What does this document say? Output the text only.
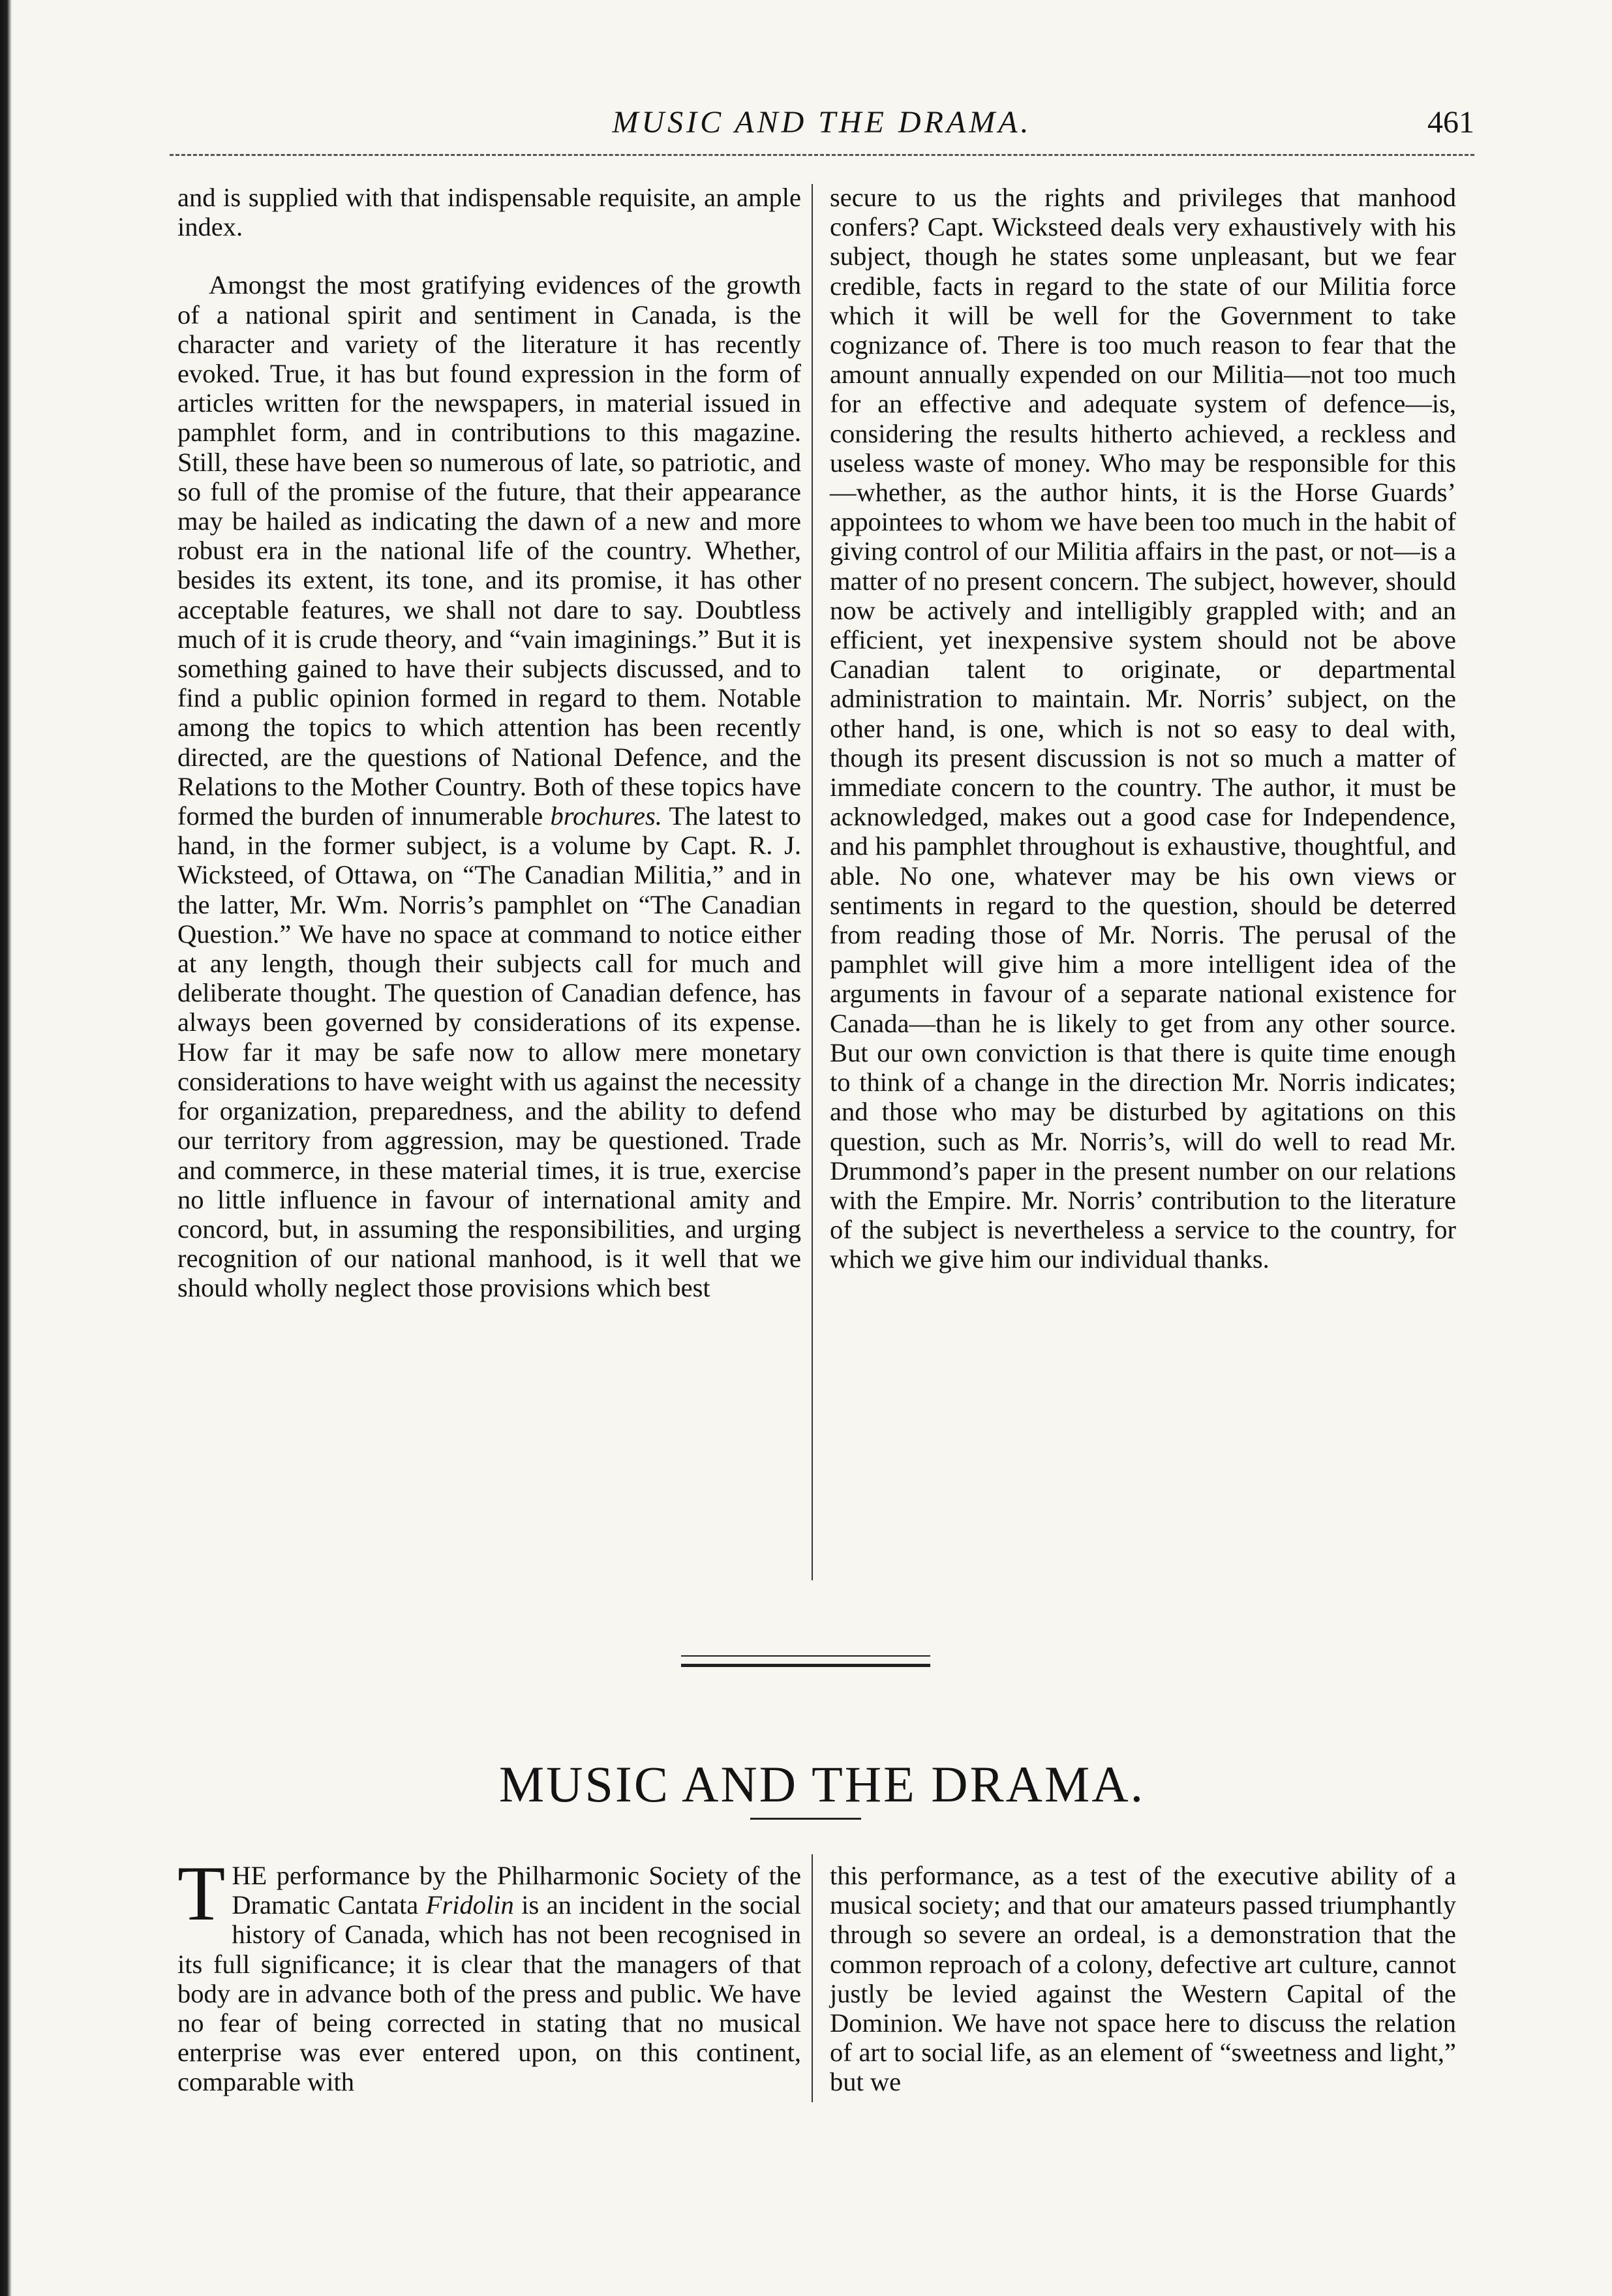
MUSIC AND THE DRAMA.	461

and is supplied with that indispensable requisite, an ample index.

Amongst the most gratifying evidences of the growth of a national spirit and sentiment in Canada, is the character and variety of the literature it has recently evoked. True, it has but found expression in the form of articles written for the newspapers, in material issued in pamphlet form, and in contributions to this magazine. Still, these have been so numerous of late, so patriotic, and so full of the promise of the future, that their appearance may be hailed as indicating the dawn of a new and more robust era in the national life of the country. Whether, besides its extent, its tone, and its promise, it has other acceptable features, we shall not dare to say. Doubtless much of it is crude theory, and “vain imaginings.” But it is something gained to have their subjects discussed, and to find a public opinion formed in regard to them. Notable among the topics to which attention has been recently directed, are the questions of National Defence, and the Relations to the Mother Country. Both of these topics have formed the burden of innumerable brochures. The latest to hand, in the former subject, is a volume by Capt. R. J. Wicksteed, of Ottawa, on “The Canadian Militia,” and in the latter, Mr. Wm. Norris’s pamphlet on “The Canadian Question.” We have no space at command to notice either at any length, though their subjects call for much and deliberate thought. The question of Canadian defence, has always been governed by considerations of its expense. How far it may be safe now to allow mere monetary considerations to have weight with us against the necessity for organization, preparedness, and the ability to defend our territory from aggression, may be questioned. Trade and commerce, in these material times, it is true, exercise no little influence in favour of international amity and concord, but, in assuming the responsibilities, and urging recognition of our national manhood, is it well that we should wholly neglect those provisions which best

secure to us the rights and privileges that manhood confers? Capt. Wicksteed deals very exhaustively with his subject, though he states some unpleasant, but we fear credible, facts in regard to the state of our Militia force which it will be well for the Government to take cognizance of. There is too much reason to fear that the amount annually expended on our Militia—not too much for an effective and adequate system of defence—is, considering the results hitherto achieved, a reckless and useless waste of money. Who may be responsible for this—whether, as the author hints, it is the Horse Guards’ appointees to whom we have been too much in the habit of giving control of our Militia affairs in the past, or not—is a matter of no present concern. The subject, however, should now be actively and intelligibly grappled with; and an efficient, yet inexpensive system should not be above Canadian talent to originate, or departmental administration to maintain. Mr. Norris’ subject, on the other hand, is one, which is not so easy to deal with, though its present discussion is not so much a matter of immediate concern to the country. The author, it must be acknowledged, makes out a good case for Independence, and his pamphlet throughout is exhaustive, thoughtful, and able. No one, whatever may be his own views or sentiments in regard to the question, should be deterred from reading those of Mr. Norris. The perusal of the pamphlet will give him a more intelligent idea of the arguments in favour of a separate national existence for Canada—than he is likely to get from any other source. But our own conviction is that there is quite time enough to think of a change in the direction Mr. Norris indicates; and those who may be disturbed by agitations on this question, such as Mr. Norris’s, will do well to read Mr. Drummond’s paper in the present number on our relations with the Empire. Mr. Norris’ contribution to the literature of the subject is nevertheless a service to the country, for which we give him our individual thanks.

MUSIC AND THE DRAMA.

THE performance by the Philharmonic Society of the Dramatic Cantata Fridolin is an incident in the social history of Canada, which has not been recognised in its full significance; it is clear that the managers of that body are in advance both of the press and public. We have no fear of being corrected in stating that no musical enterprise was ever entered upon, on this continent, comparable with

this performance, as a test of the executive ability of a musical society; and that our amateurs passed triumphantly through so severe an ordeal, is a demonstration that the common reproach of a colony, defective art culture, cannot justly be levied against the Western Capital of the Dominion. We have not space here to discuss the relation of art to social life, as an element of “sweetness and light,” but we
